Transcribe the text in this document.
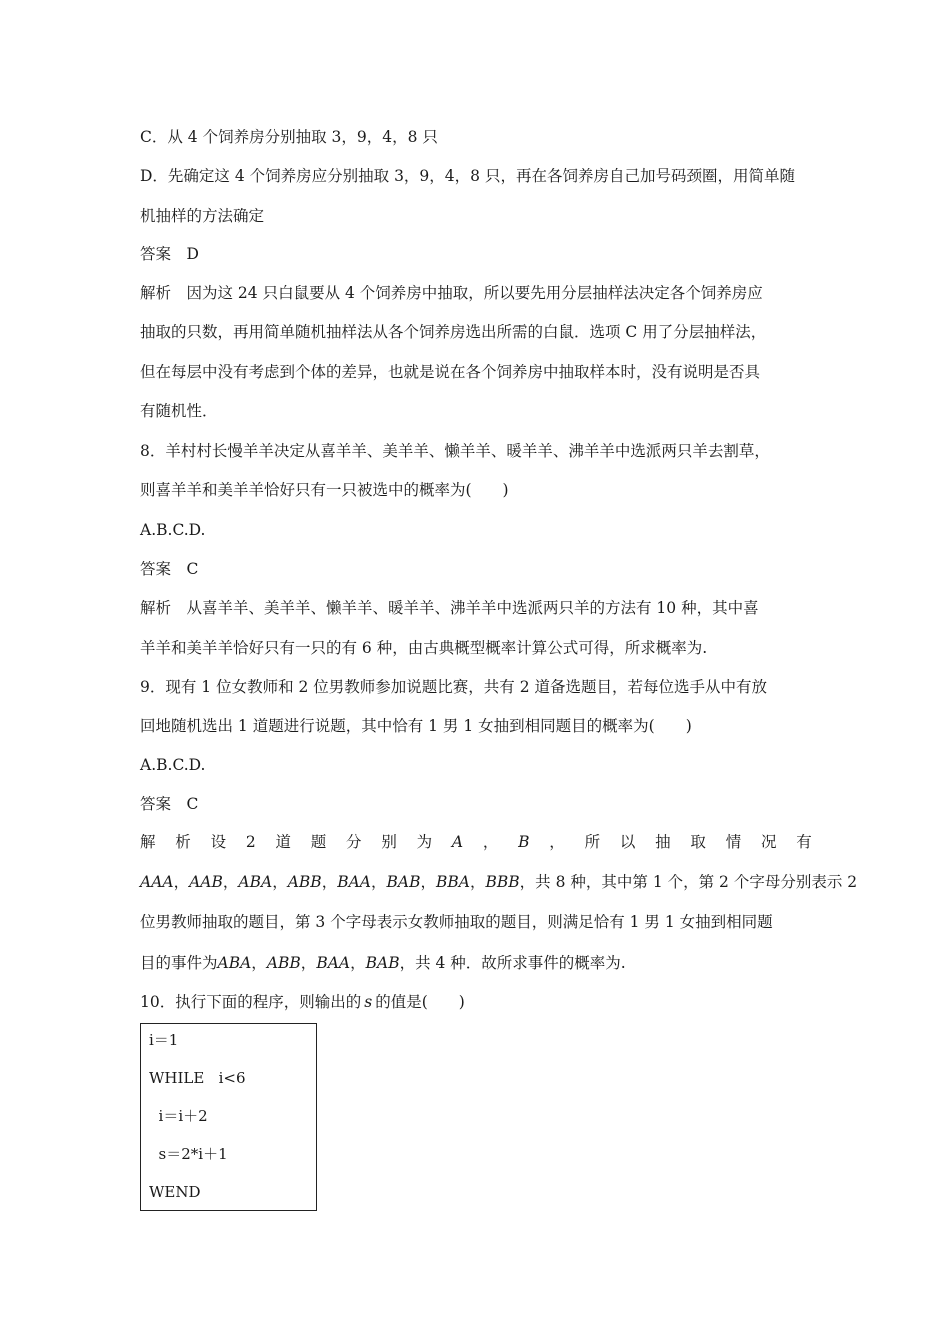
C．从 4 个饲养房分别抽取 3，9，4，8 只
D．先确定这 4 个饲养房应分别抽取 3，9，4，8 只，再在各饲养房自己加号码颈圈，用简单随
机抽样的方法确定
答案　D
解析　因为这 24 只白鼠要从 4 个饲养房中抽取，所以要先用分层抽样法决定各个饲养房应
抽取的只数，再用简单随机抽样法从各个饲养房选出所需的白鼠．选项 C 用了分层抽样法，
但在每层中没有考虑到个体的差异，也就是说在各个饲养房中抽取样本时，没有说明是否具
有随机性．
8．羊村村长慢羊羊决定从喜羊羊、美羊羊、懒羊羊、暖羊羊、沸羊羊中选派两只羊去割草，
则喜羊羊和美羊羊恰好只有一只被选中的概率为(　　)
A.B.C.D.
答案　C
解析　从喜羊羊、美羊羊、懒羊羊、暖羊羊、沸羊羊中选派两只羊的方法有 10 种，其中喜
羊羊和美羊羊恰好只有一只的有 6 种，由古典概型概率计算公式可得，所求概率为.
9．现有 1 位女教师和 2 位男教师参加说题比赛，共有 2 道备选题目，若每位选手从中有放
回地随机选出 1 道题进行说题，其中恰有 1 男 1 女抽到相同题目的概率为(　　)
A.B.C.D.
答案　C
解 析 设 2 道 题 分 别 为 A ， B ， 所 以 抽 取 情 况 有
AAA，AAB，ABA，ABB，BAA，BAB，BBA，BBB，共 8 种，其中第 1 个，第 2 个字母分别表示 2
位男教师抽取的题目，第 3 个字母表示女教师抽取的题目，则满足恰有 1 男 1 女抽到相同题
目的事件为ABA，ABB，BAA，BAB，共 4 种．故所求事件的概率为.
10．执行下面的程序，则输出的 s 的值是(　　)
i＝1
WHILE   i<6
i＝i＋2
s＝2*i＋1
WEND
